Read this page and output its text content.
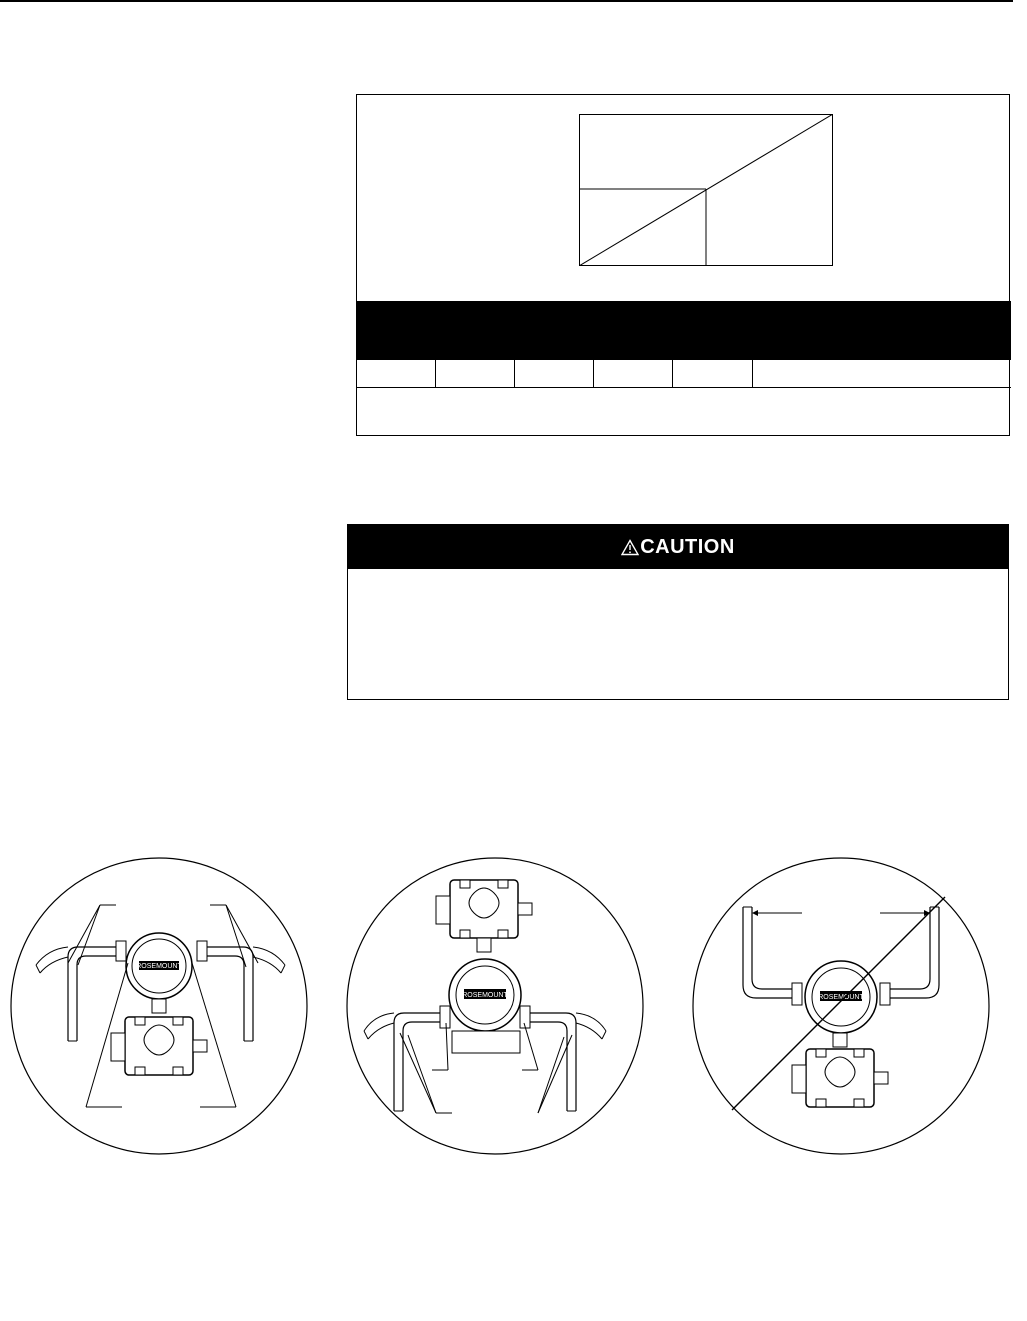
CAUTION
ROSEMOUNT
ROSEMOUNT	ROSEMOUNT
